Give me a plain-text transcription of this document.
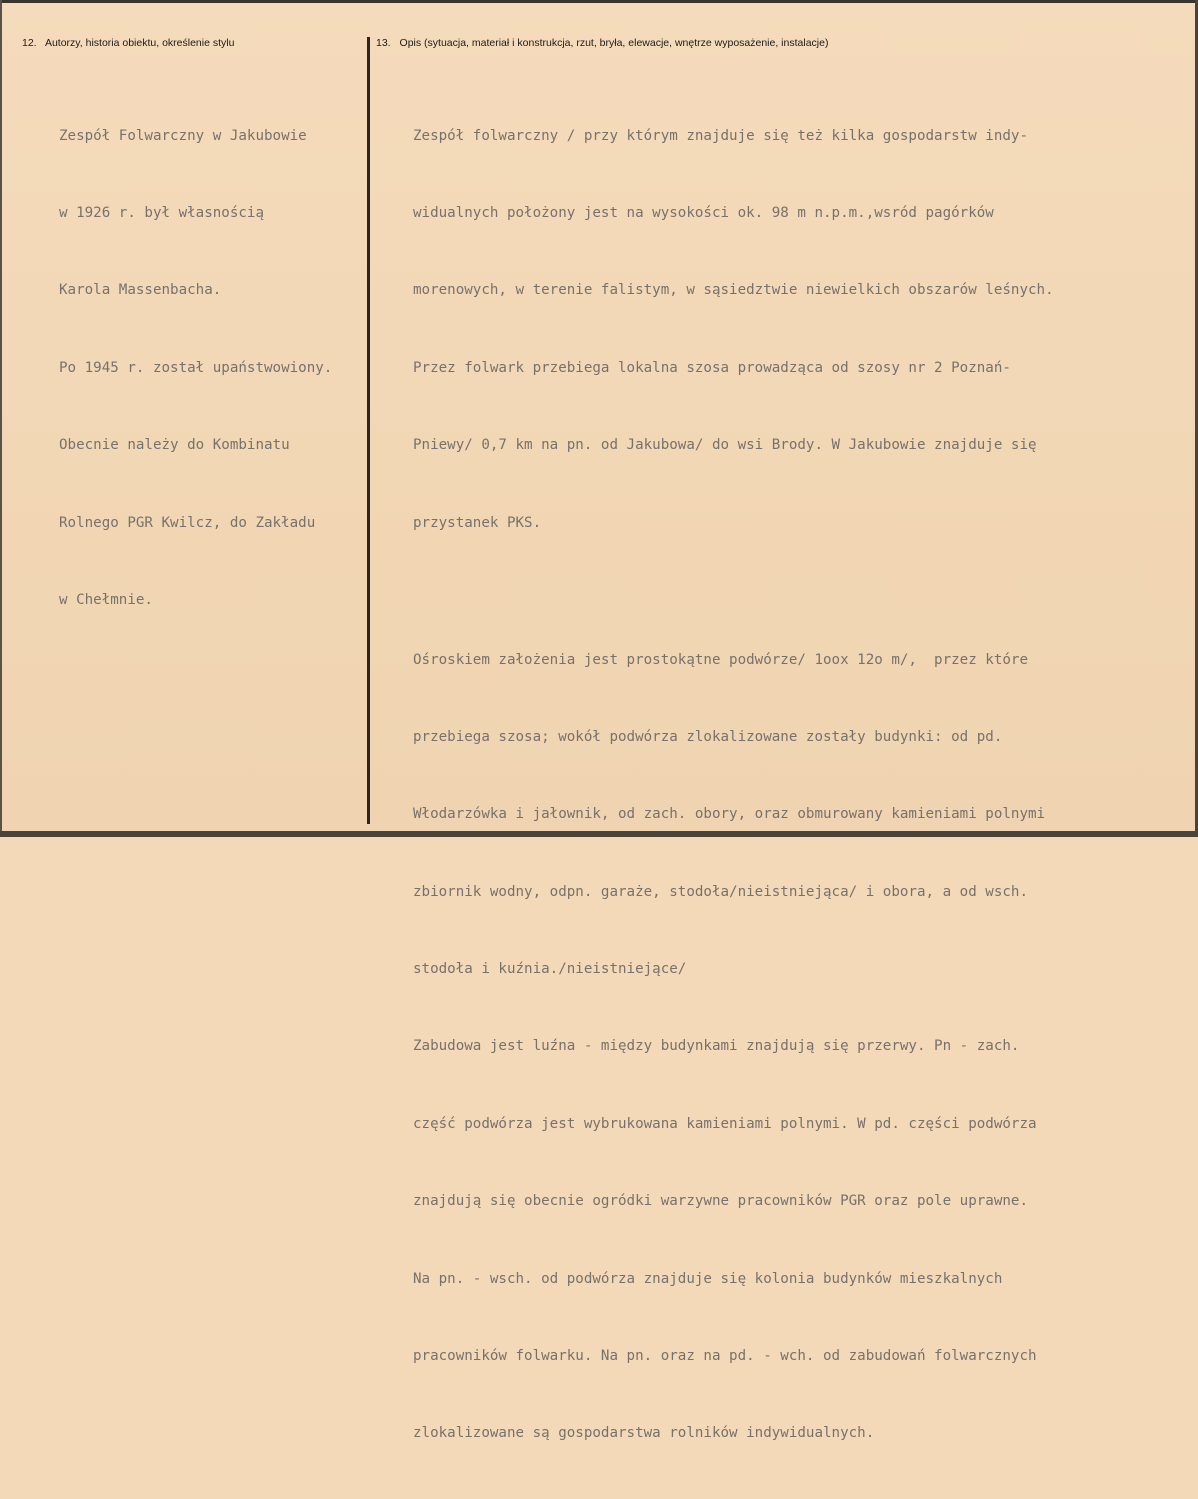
12. Autorzy, historia obiektu, określenie stylu	13. Opis (sytuacja, materiał i konstrukcja, rzut, bryła, elewacje, wnętrze wyposażenie, instalacje)

Zespół Folwarczny w Jakubowie

w 1926 r. był własnością

Karola Massenbacha.

Po 1945 r. został upaństwowiony.

Obecnie należy do Kombinatu

Rolnego PGR Kwilcz, do Zakładu

w Chełmnie.

Zespół folwarczny / przy którym znajduje się też kilka gospodarstw indy-

widualnych położony jest na wysokości ok. 98 m n.p.m.,wsród pagórków

morenowych, w terenie falistym, w sąsiedztwie niewielkich obszarów leśnych.

Przez folwark przebiega lokalna szosa prowadząca od szosy nr 2 Poznań-

Pniewy/ 0,7 km na pn. od Jakubowa/ do wsi Brody. W Jakubowie znajduje się

przystanek PKS.

Ośroskiem założenia jest prostokątne podwórze/ 1oox 12o m/,  przez które

przebiega szosa; wokół podwórza zlokalizowane zostały budynki: od pd.

Włodarzówka i jałownik, od zach. obory, oraz obmurowany kamieniami polnymi

zbiornik wodny, odpn. garaże, stodoła/nieistniejąca/ i obora, a od wsch.

stodoła i kuźnia./nieistniejące/

Zabudowa jest luźna - między budynkami znajdują się przerwy. Pn - zach.

część podwórza jest wybrukowana kamieniami polnymi. W pd. części podwórza

znajdują się obecnie ogródki warzywne pracowników PGR oraz pole uprawne.

Na pn. - wsch. od podwórza znajduje się kolonia budynków mieszkalnych

pracowników folwarku. Na pn. oraz na pd. - wch. od zabudowań folwarcznych

zlokalizowane są gospodarstwa rolników indywidualnych.
